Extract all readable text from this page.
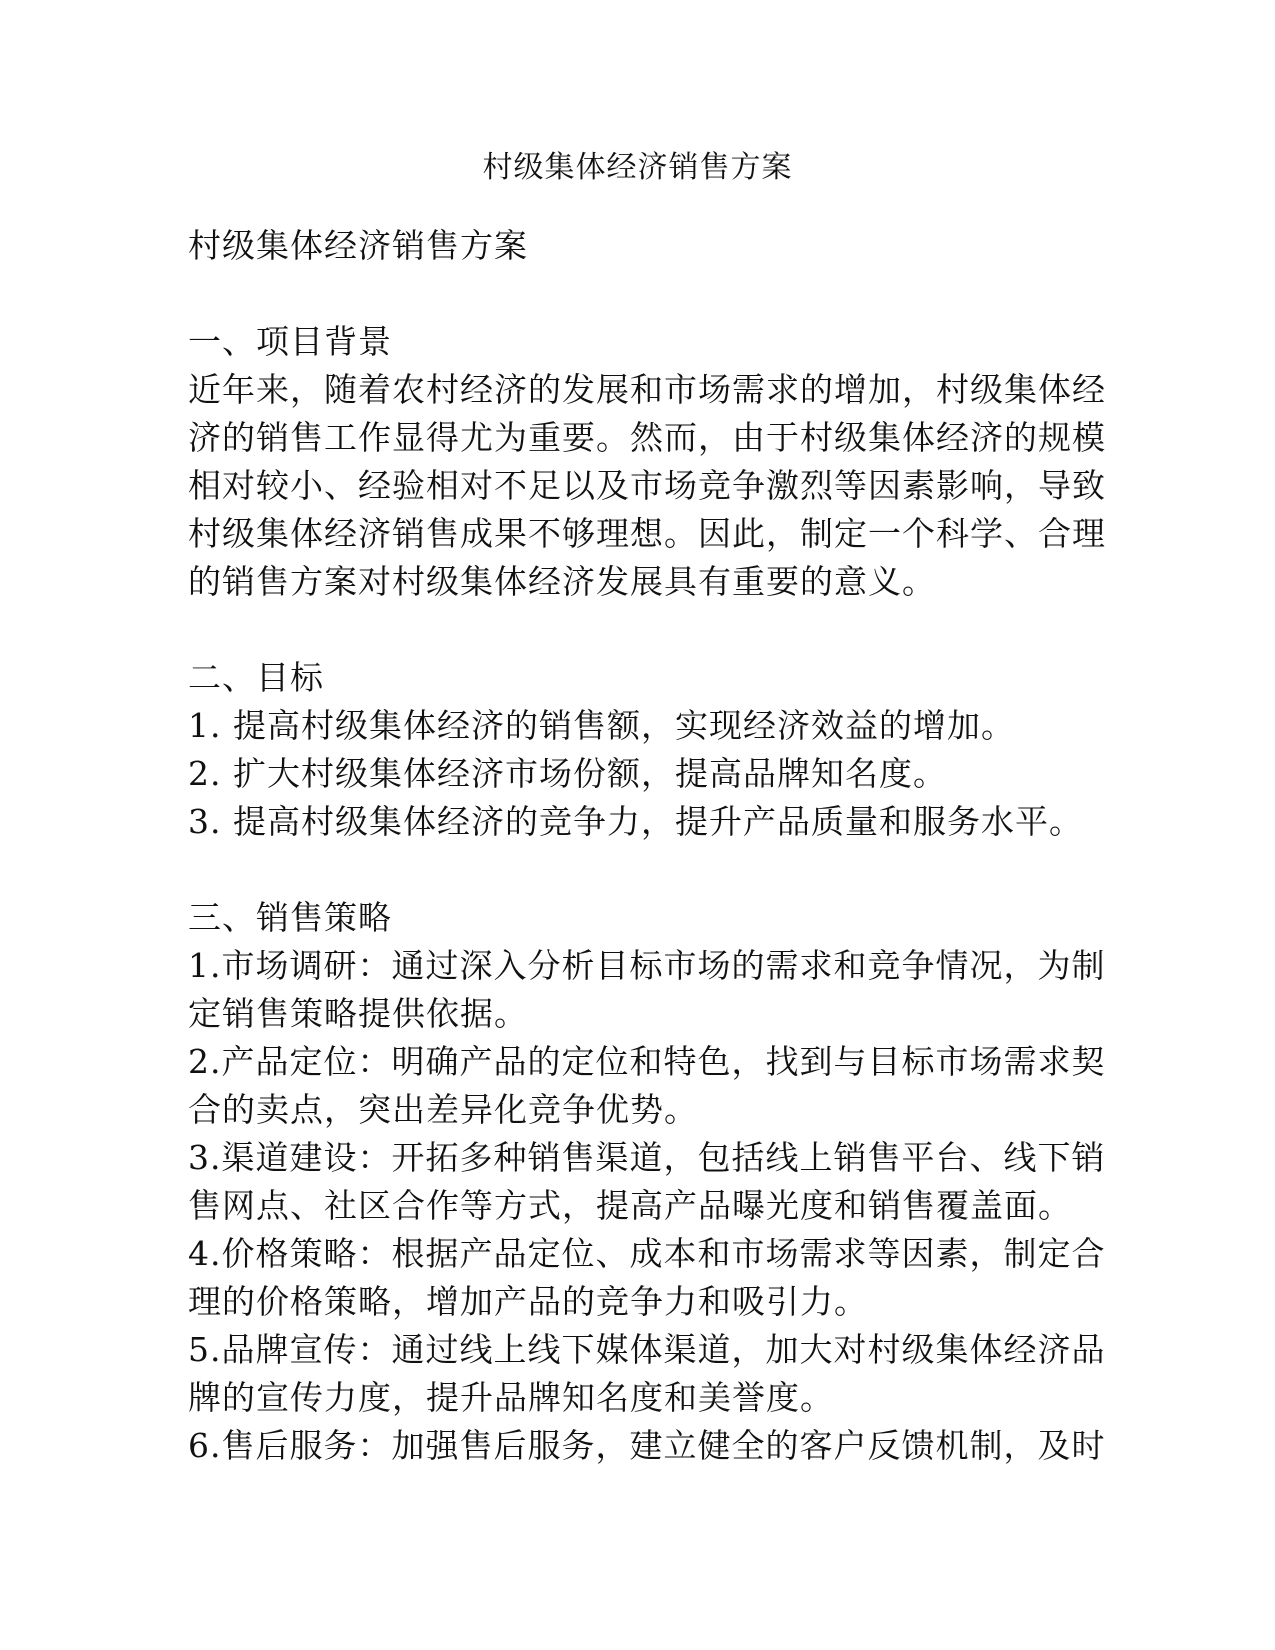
村级集体经济销售方案

村级集体经济销售方案

一、项目背景

近年来，随着农村经济的发展和市场需求的增加，村级集体经
济的销售工作显得尤为重要。然而，由于村级集体经济的规模
相对较小、经验相对不足以及市场竞争激烈等因素影响，导致
村级集体经济销售成果不够理想。因此，制定一个科学、合理
的销售方案对村级集体经济发展具有重要的意义。

二、目标
1. 提高村级集体经济的销售额，实现经济效益的增加。
2. 扩大村级集体经济市场份额，提高品牌知名度。
3. 提高村级集体经济的竞争力，提升产品质量和服务水平。
三、销售策略
1.市场调研：通过深入分析目标市场的需求和竞争情况，为制
定销售策略提供依据。
2.产品定位：明确产品的定位和特色，找到与目标市场需求契
合的卖点，突出差异化竞争优势。
3.渠道建设：开拓多种销售渠道，包括线上销售平台、线下销
售网点、社区合作等方式，提高产品曝光度和销售覆盖面。
4.价格策略：根据产品定位、成本和市场需求等因素，制定合
理的价格策略，增加产品的竞争力和吸引力。
5.品牌宣传：通过线上线下媒体渠道，加大对村级集体经济品
牌的宣传力度，提升品牌知名度和美誉度。
6.售后服务：加强售后服务，建立健全的客户反馈机制，及时
